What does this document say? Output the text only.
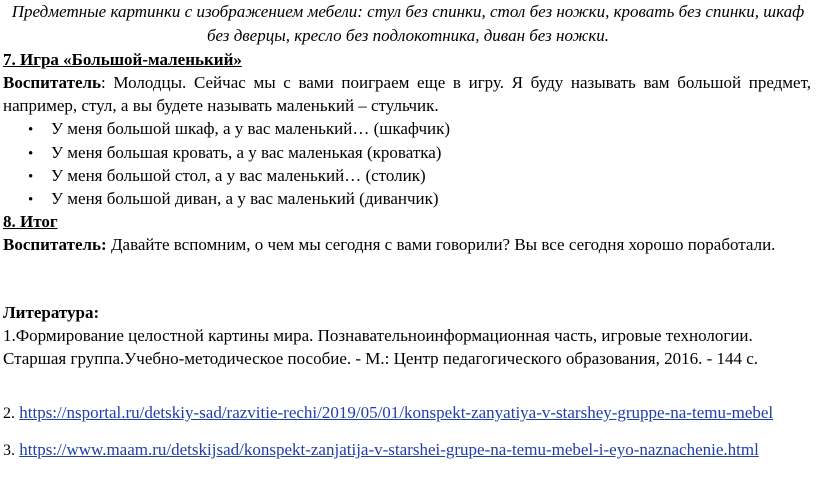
Предметные картинки с изображением мебели: стул без спинки, стол без ножки, кровать без спинки, шкаф
без дверцы, кресло без подлокотника, диван без ножки.
7. Игра «Большой-маленький»
Воспитатель: Молодцы. Сейчас мы с вами поиграем еще в игру. Я буду называть вам большой предмет,
например, стул, а вы будете называть маленький – стульчик.
•У меня большой шкаф, а у вас маленький… (шкафчик)
•У меня большая кровать, а у вас маленькая (кроватка)
•У меня большой стол, а у вас маленький… (столик)
•У меня большой диван, а у вас маленький (диванчик)
8. Итог
Воспитатель: Давайте вспомним, о чем мы сегодня с вами говорили? Вы все сегодня хорошо поработали.
Литература:
1.Формирование целостной картины мира. Познавательноинформационная часть, игровые технологии.
Старшая группа.Учебно-методическое пособие. - М.: Центр педагогического образования, 2016. - 144 с.
2. https://nsportal.ru/detskiy-sad/razvitie-rechi/2019/05/01/konspekt-zanyatiya-v-starshey-gruppe-na-temu-mebel
3. https://www.maam.ru/detskijsad/konspekt-zanjatija-v-starshei-grupe-na-temu-mebel-i-eyo-naznachenie.html
